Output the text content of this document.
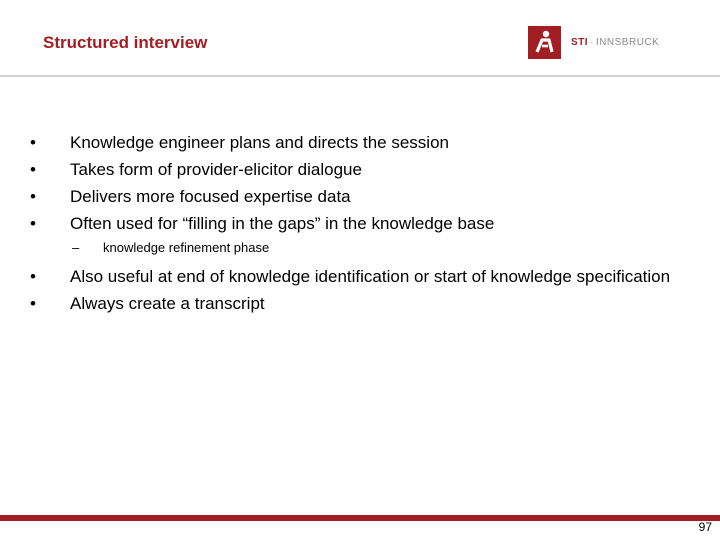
Structured interview	STI · INNSBRUCK
•	Knowledge engineer plans and directs the session
•	Takes form of provider-elicitor dialogue
•	Delivers more focused expertise data
•	Often used for “filling in the gaps” in the knowledge base
–	knowledge refinement phase
•	Also useful at end of knowledge identification or start of knowledge specification
•	Always create a transcript
97
